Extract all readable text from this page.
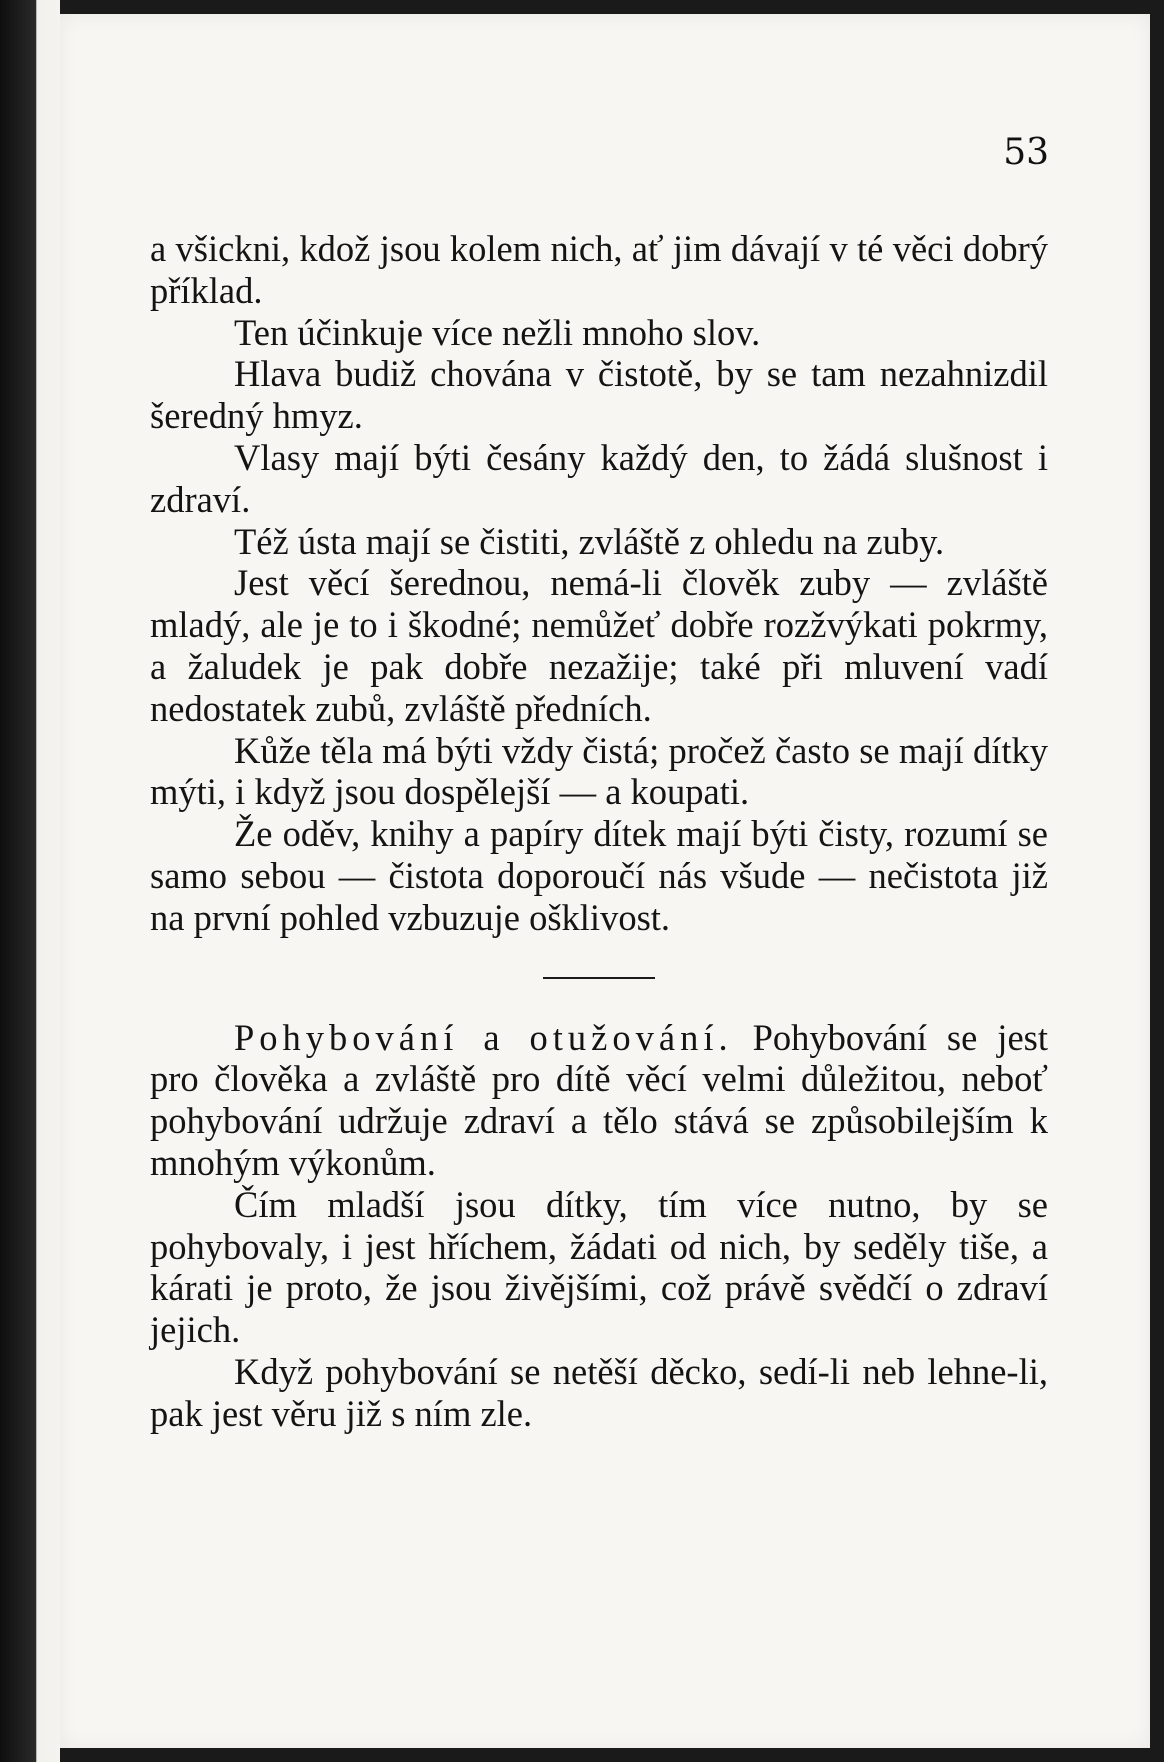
53

a všickni, kdož jsou kolem nich, ať jim dávají v té věci dobrý příklad.

Ten účinkuje více nežli mnoho slov.

Hlava budiž chována v čistotě, by se tam nezahnizdil šeredný hmyz.

Vlasy mají býti česány každý den, to žádá slušnost i zdraví.

Též ústa mají se čistiti, zvláště z ohledu na zuby.

Jest věcí šerednou, nemá-li člověk zuby — zvláště mladý, ale je to i škodné; nemůžeť dobře rozžvýkati pokrmy, a žaludek je pak dobře nezažije; také při mluvení vadí nedostatek zubů, zvláště předních.

Kůže těla má býti vždy čistá; pročež často se mají dítky mýti, i když jsou dospělejší — a koupati.

Že oděv, knihy a papíry dítek mají býti čisty, rozumí se samo sebou — čistota doporoučí nás všude — nečistota již na první pohled vzbuzuje ošklivost.

Pohybování a otužování. Pohybování se jest pro člověka a zvláště pro dítě věcí velmi důležitou, neboť pohybování udržuje zdraví a tělo stává se způsobilejším k mnohým výkonům.

Čím mladší jsou dítky, tím více nutno, by se pohybovaly, i jest hříchem, žádati od nich, by seděly tiše, a kárati je proto, že jsou živějšími, což právě svědčí o zdraví jejich.

Když pohybování se netěší děcko, sedí-li neb lehne-li, pak jest věru již s ním zle.
